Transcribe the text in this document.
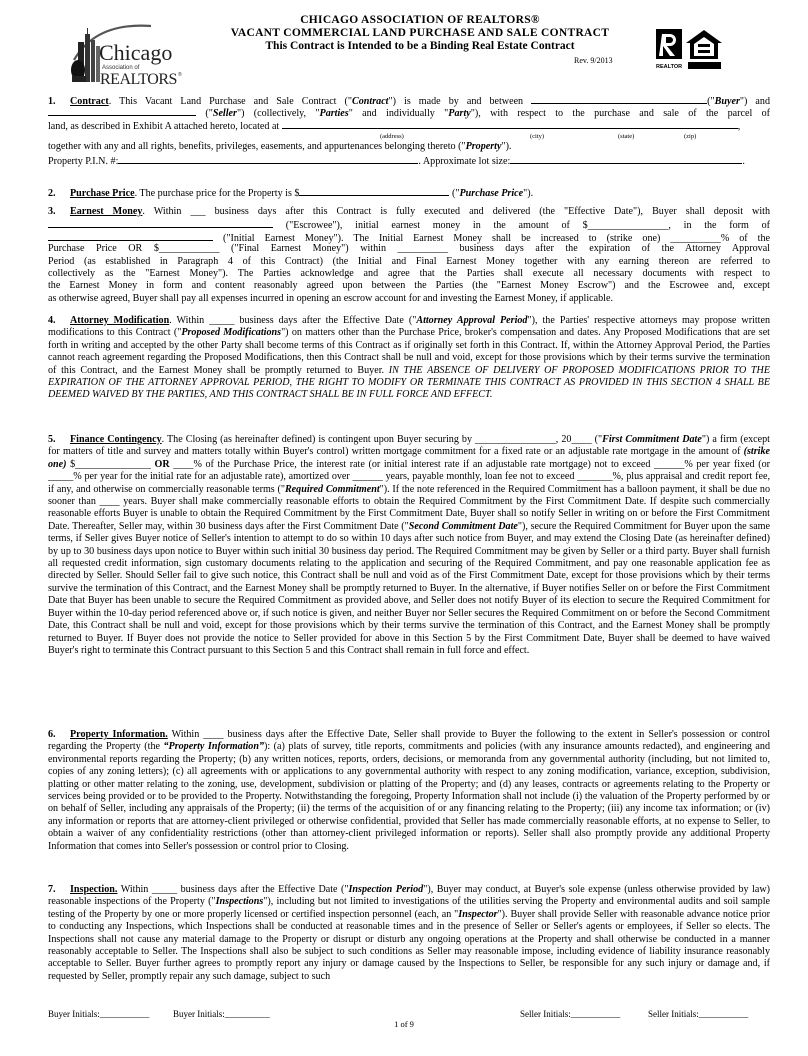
Chicago
Association of
REALTORS ®
CHICAGO ASSOCIATION OF REALTORS®
VACANT COMMERCIAL LAND PURCHASE AND SALE CONTRACT
This Contract is Intended to be a Binding Real Estate Contract
Rev. 9/2013
REALTOR
1. Contract. This Vacant Land Purchase and Sale Contract ("Contract") is made by and between	("Buyer") and
("Seller") (collectively, "Parties" and individually "Party"), with respect to the purchase and sale of the parcel of
land, as described in Exhibit A attached hereto, located at	,
(address)	(city)	(state)	(zip)
together with any and all rights, benefits, privileges, easements, and appurtenances belonging thereto ("Property").
Property P.I.N. #:	. Approximate lot size:	.
2. Purchase Price. The purchase price for the Property is $	("Purchase Price").
3. Earnest Money. Within ___ business days after this Contract is fully executed and delivered (the "Effective Date"), Buyer shall deposit with
("Escrowee"), initial earnest money in the amount of $________________, in the form of
("Initial Earnest Money"). The Initial Earnest Money shall be increased to (strike one) __________% of the
Purchase Price OR $____________ ("Final Earnest Money") within __________ business days after the expiration of the Attorney Approval
Period (as established in Paragraph 4 of this Contract) (the Initial and Final Earnest Money together with any earning thereon are referred to
collectively as the "Earnest Money"). The Parties acknowledge and agree that the Parties shall execute all necessary documents with respect to
the Earnest Money in form and content reasonably agreed upon between the Parties (the "Earnest Money Escrow") and the Escrowee and, except
as otherwise agreed, Buyer shall pay all expenses incurred in opening an escrow account for and investing the Earnest Money, if applicable.
4. Attorney Modification. Within _____ business days after the Effective Date ("Attorney Approval Period"), the Parties' respective attorneys may propose written modifications to this Contract ("Proposed Modifications") on matters other than the Purchase Price, broker's compensation and dates. Any Proposed Modifications that are set forth in writing and accepted by the other Party shall become terms of this Contract as if originally set forth in this Contract. If, within the Attorney Approval Period, the Parties cannot reach agreement regarding the Proposed Modifications, then this Contract shall be null and void, except for those provisions which by their terms survive the termination of this Contract, and the Earnest Money shall be promptly returned to Buyer. IN THE ABSENCE OF DELIVERY OF PROPOSED MODIFICATIONS PRIOR TO THE EXPIRATION OF THE ATTORNEY APPROVAL PERIOD, THE RIGHT TO MODIFY OR TERMINATE THIS CONTRACT AS PROVIDED IN THIS SECTION 4 SHALL BE DEEMED WAIVED BY THE PARTIES, AND THIS CONTRACT SHALL BE IN FULL FORCE AND EFFECT.
5. Finance Contingency. The Closing (as hereinafter defined) is contingent upon Buyer securing by ________________, 20____ ("First Commitment Date") a firm (except for matters of title and survey and matters totally within Buyer's control) written mortgage commitment for a fixed rate or an adjustable rate mortgage in the amount of (strike one) $_______________ OR ____% of the Purchase Price, the interest rate (or initial interest rate if an adjustable rate mortgage) not to exceed ______% per year fixed (or _____% per year for the initial rate for an adjustable rate), amortized over ______ years, payable monthly, loan fee not to exceed _______%, plus appraisal and credit report fee, if any, and otherwise on commercially reasonable terms ("Required Commitment"). If the note referenced in the Required Commitment has a balloon payment, it shall be due no sooner than ____ years. Buyer shall make commercially reasonable efforts to obtain the Required Commitment by the First Commitment Date. If despite such commercially reasonable efforts Buyer is unable to obtain the Required Commitment by the First Commitment Date, Buyer shall so notify Seller in writing on or before the First Commitment Date. Thereafter, Seller may, within 30 business days after the First Commitment Date ("Second Commitment Date"), secure the Required Commitment for Buyer upon the same terms, if Seller gives Buyer notice of Seller's intention to attempt to do so within 10 days after such notice from Buyer, and may extend the Closing Date (as hereinafter defined) by up to 30 business days upon notice to Buyer within such initial 30 business day period. The Required Commitment may be given by Seller or a third party. Buyer shall furnish all requested credit information, sign customary documents relating to the application and securing of the Required Commitment, and pay one reasonable application fee as directed by Seller. Should Seller fail to give such notice, this Contract shall be null and void as of the First Commitment Date, except for those provisions which by their terms survive the termination of this Contract, and the Earnest Money shall be promptly returned to Buyer. In the alternative, if Buyer notifies Seller on or before the First Commitment Date that Buyer has been unable to secure the Required Commitment as provided above, and Seller does not notify Buyer of its election to secure the Required Commitment for Buyer within the 10-day period referenced above or, if such notice is given, and neither Buyer nor Seller secures the Required Commitment on or before the Second Commitment Date, this Contract shall be null and void, except for those provisions which by their terms survive the termination of this Contract, and the Earnest Money shall be promptly returned to Buyer. If Buyer does not provide the notice to Seller provided for above in this Section 5 by the First Commitment Date, Buyer shall be deemed to have waived Buyer's right to terminate this Contract pursuant to this Section 5 and this Contract shall remain in full force and effect.
6. Property Information. Within ____ business days after the Effective Date, Seller shall provide to Buyer the following to the extent in Seller's possession or control regarding the Property (the “Property Information”): (a) plats of survey, title reports, commitments and policies (with any insurance amounts redacted), and engineering and environmental reports regarding the Property; (b) any written notices, reports, orders, decisions, or memoranda from any governmental authority (including, but not limited to, copies of any zoning letters); (c) all agreements with or applications to any governmental authority with respect to any zoning modification, variance, exception, subdivision, platting or other matter relating to the zoning, use, development, subdivision or platting of the Property; and (d) any leases, contracts or agreements relating to the Property or services being provided or to be provided to the Property. Notwithstanding the foregoing, Property Information shall not include (i) the valuation of the Property performed by or on behalf of Seller, including any appraisals of the Property; (ii) the terms of the acquisition of or any financing relating to the Property; (iii) any income tax information; or (iv) any information or reports that are attorney-client privileged or otherwise confidential, provided that Seller has made commercially reasonable efforts, at no expense to Seller, to obtain a waiver of any confidentiality restrictions (other than attorney-client privileged information or reports). Seller shall also promptly provide any additional Property Information that comes into Seller's possession or control prior to Closing.
7. Inspection. Within _____ business days after the Effective Date ("Inspection Period"), Buyer may conduct, at Buyer's sole expense (unless otherwise provided by law) reasonable inspections of the Property ("Inspections"), including but not limited to investigations of the utilities serving the Property and environmental audits and soil sample testing of the Property by one or more properly licensed or certified inspection personnel (each, an "Inspector"). Buyer shall provide Seller with reasonable advance notice prior to conducting any Inspections, which Inspections shall be conducted at reasonable times and in the presence of Seller or Seller's agents or employees, if Seller so elects. The Inspections shall not cause any material damage to the Property or disrupt or disturb any ongoing operations at the Property and shall otherwise be conducted in a manner reasonably acceptable to Seller. The Inspections shall also be subject to such conditions as Seller may reasonable impose, including evidence of liability insurance reasonably acceptable to Seller. Buyer further agrees to promptly report any injury or damage caused by the Inspections to Seller, be responsible for any such injury or damage and, if requested by Seller, promptly repair any such damage, subject to such
Buyer Initials:___________	Buyer Initials:__________	Seller Initials:___________	Seller Initials:___________
1 of 9
